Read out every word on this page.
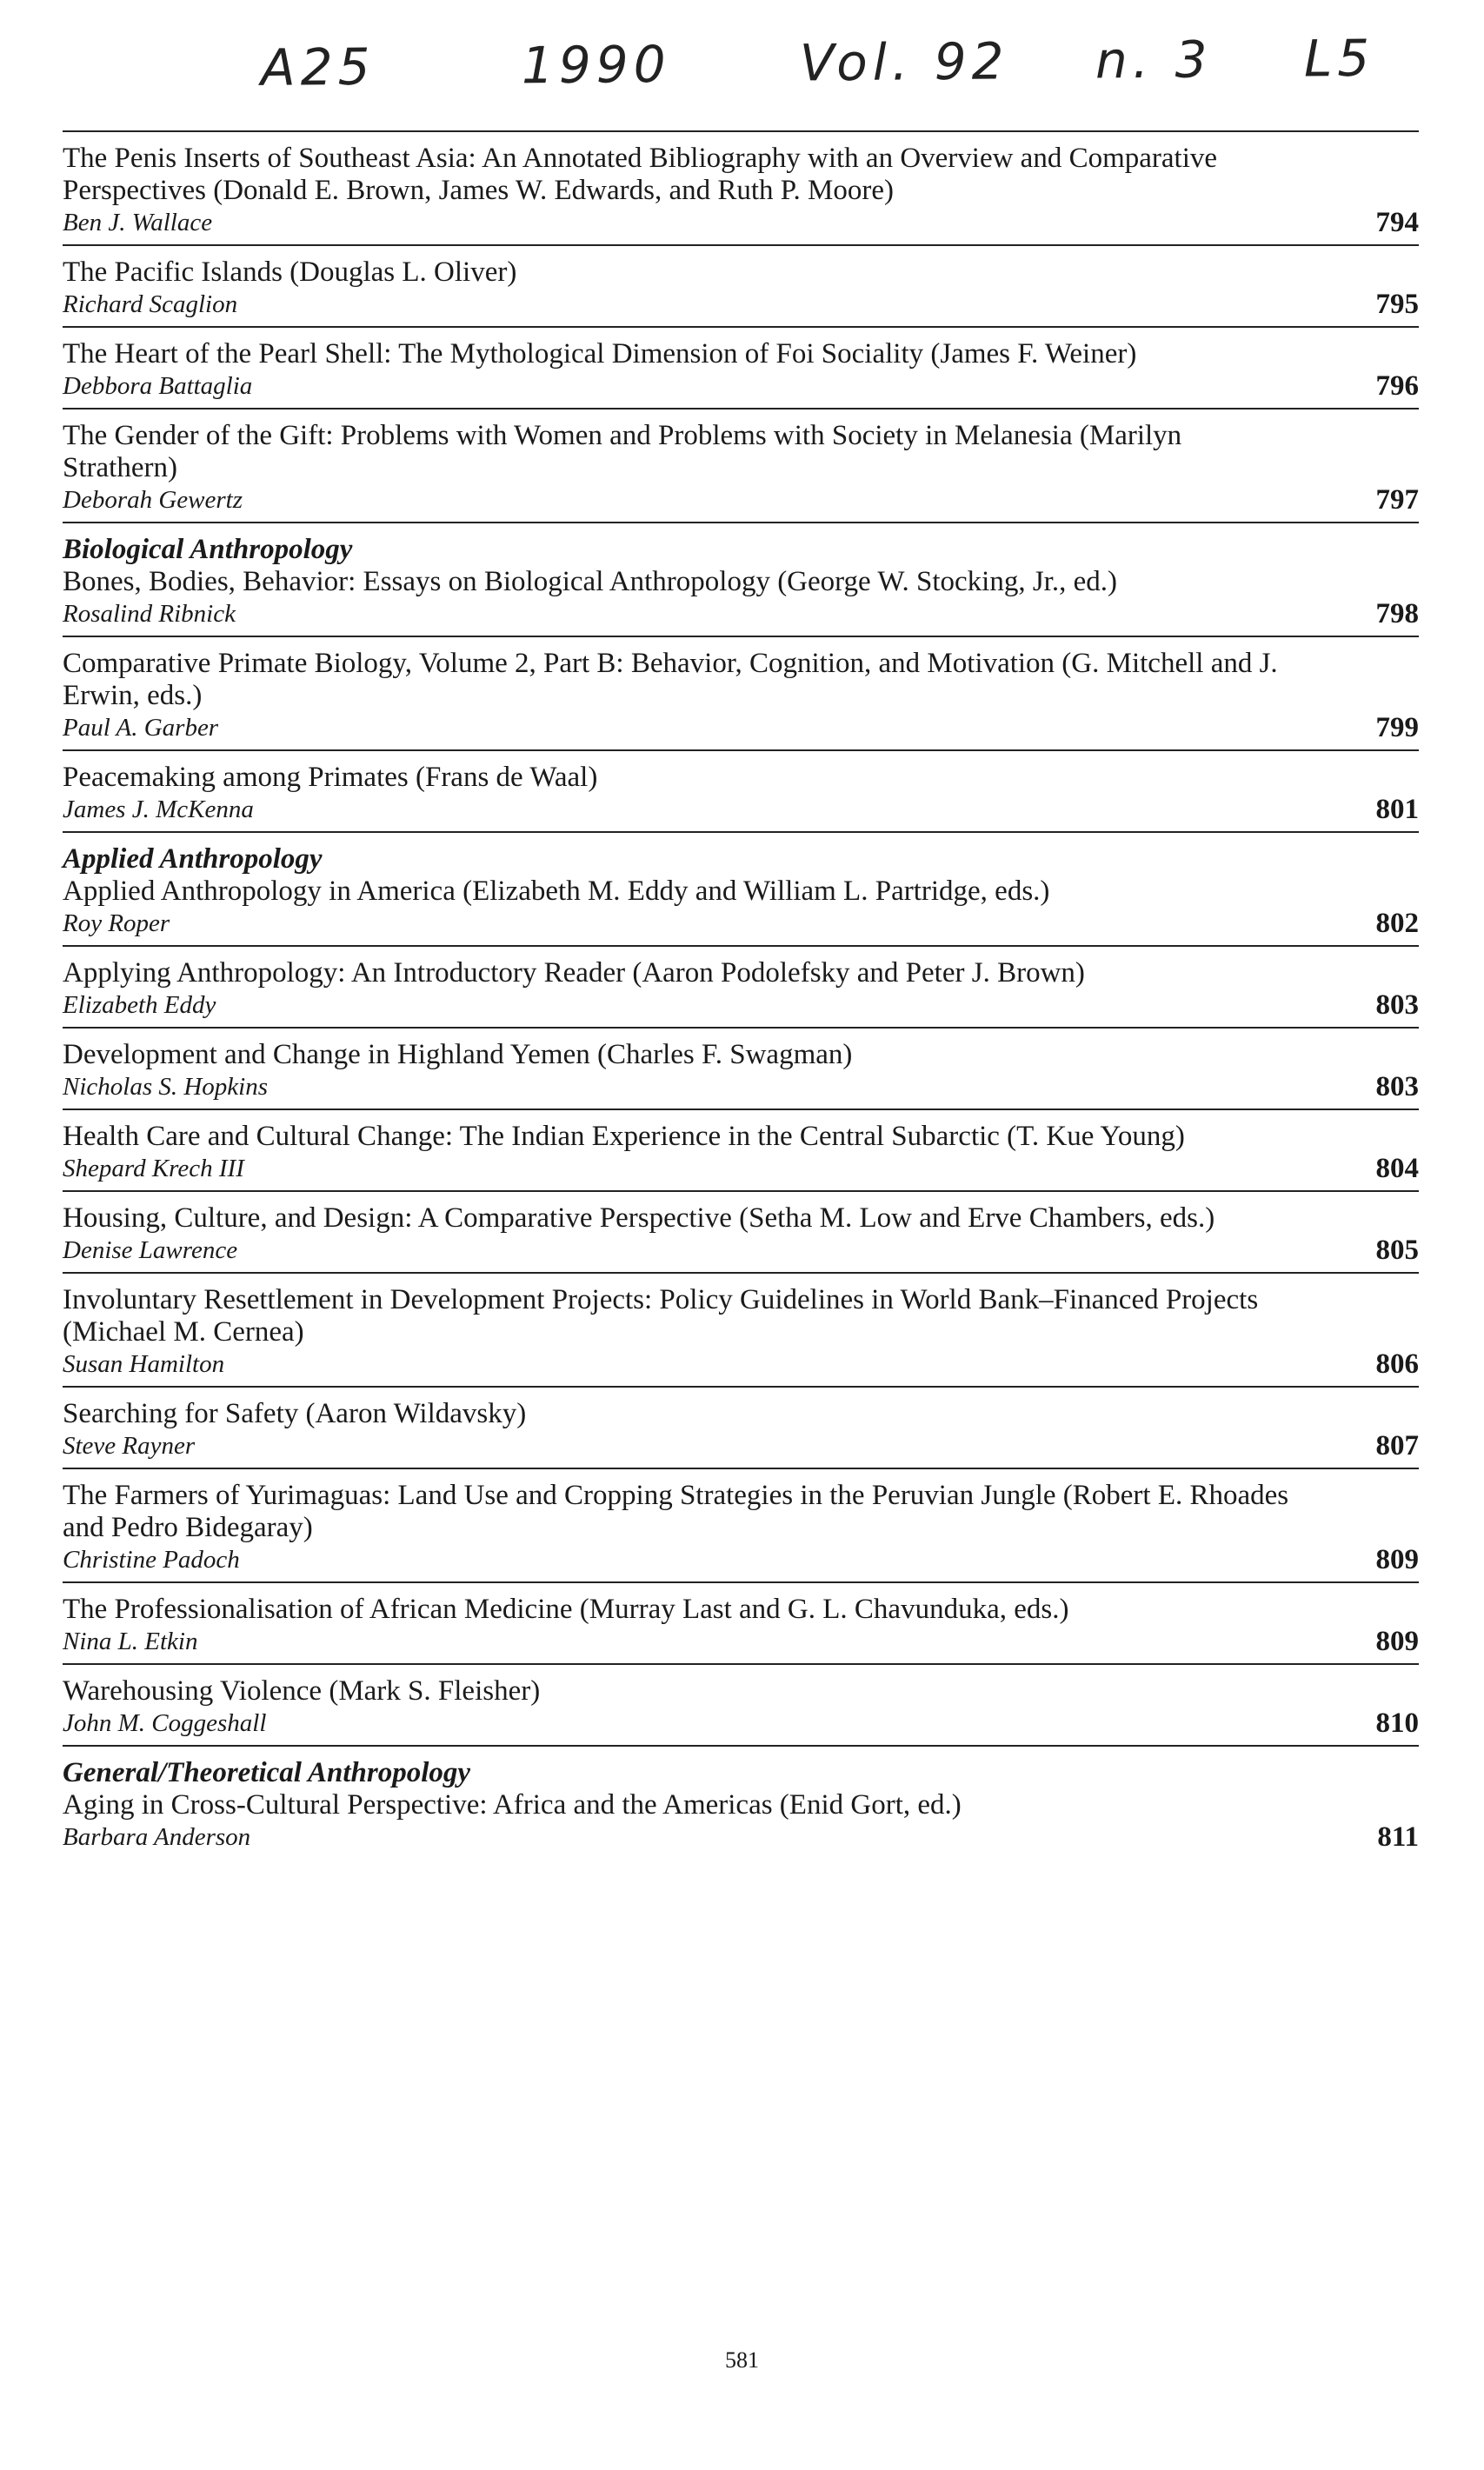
A25	1990	Vol. 92 n. 3 L5
The Penis Inserts of Southeast Asia: An Annotated Bibliography with an Overview and Comparative Perspectives (Donald E. Brown, James W. Edwards, and Ruth P. Moore)
Ben J. Wallace	794
The Pacific Islands (Douglas L. Oliver)
Richard Scaglion	795
The Heart of the Pearl Shell: The Mythological Dimension of Foi Sociality (James F. Weiner)
Debbora Battaglia	796
The Gender of the Gift: Problems with Women and Problems with Society in Melanesia (Marilyn Strathern)
Deborah Gewertz	797
Biological Anthropology
Bones, Bodies, Behavior: Essays on Biological Anthropology (George W. Stocking, Jr., ed.)
Rosalind Ribnick	798
Comparative Primate Biology, Volume 2, Part B: Behavior, Cognition, and Motivation (G. Mitchell and J. Erwin, eds.)
Paul A. Garber	799
Peacemaking among Primates (Frans de Waal)
James J. McKenna	801
Applied Anthropology
Applied Anthropology in America (Elizabeth M. Eddy and William L. Partridge, eds.)
Roy Roper	802
Applying Anthropology: An Introductory Reader (Aaron Podolefsky and Peter J. Brown)
Elizabeth Eddy	803
Development and Change in Highland Yemen (Charles F. Swagman)
Nicholas S. Hopkins	803
Health Care and Cultural Change: The Indian Experience in the Central Subarctic (T. Kue Young)
Shepard Krech III	804
Housing, Culture, and Design: A Comparative Perspective (Setha M. Low and Erve Chambers, eds.)
Denise Lawrence	805
Involuntary Resettlement in Development Projects: Policy Guidelines in World Bank–Financed Projects (Michael M. Cernea)
Susan Hamilton	806
Searching for Safety (Aaron Wildavsky)
Steve Rayner	807
The Farmers of Yurimaguas: Land Use and Cropping Strategies in the Peruvian Jungle (Robert E. Rhoades and Pedro Bidegaray)
Christine Padoch	809
The Professionalisation of African Medicine (Murray Last and G. L. Chavunduka, eds.)
Nina L. Etkin	809
Warehousing Violence (Mark S. Fleisher)
John M. Coggeshall	810
General/Theoretical Anthropology
Aging in Cross-Cultural Perspective: Africa and the Americas (Enid Gort, ed.)
Barbara Anderson	811
581
